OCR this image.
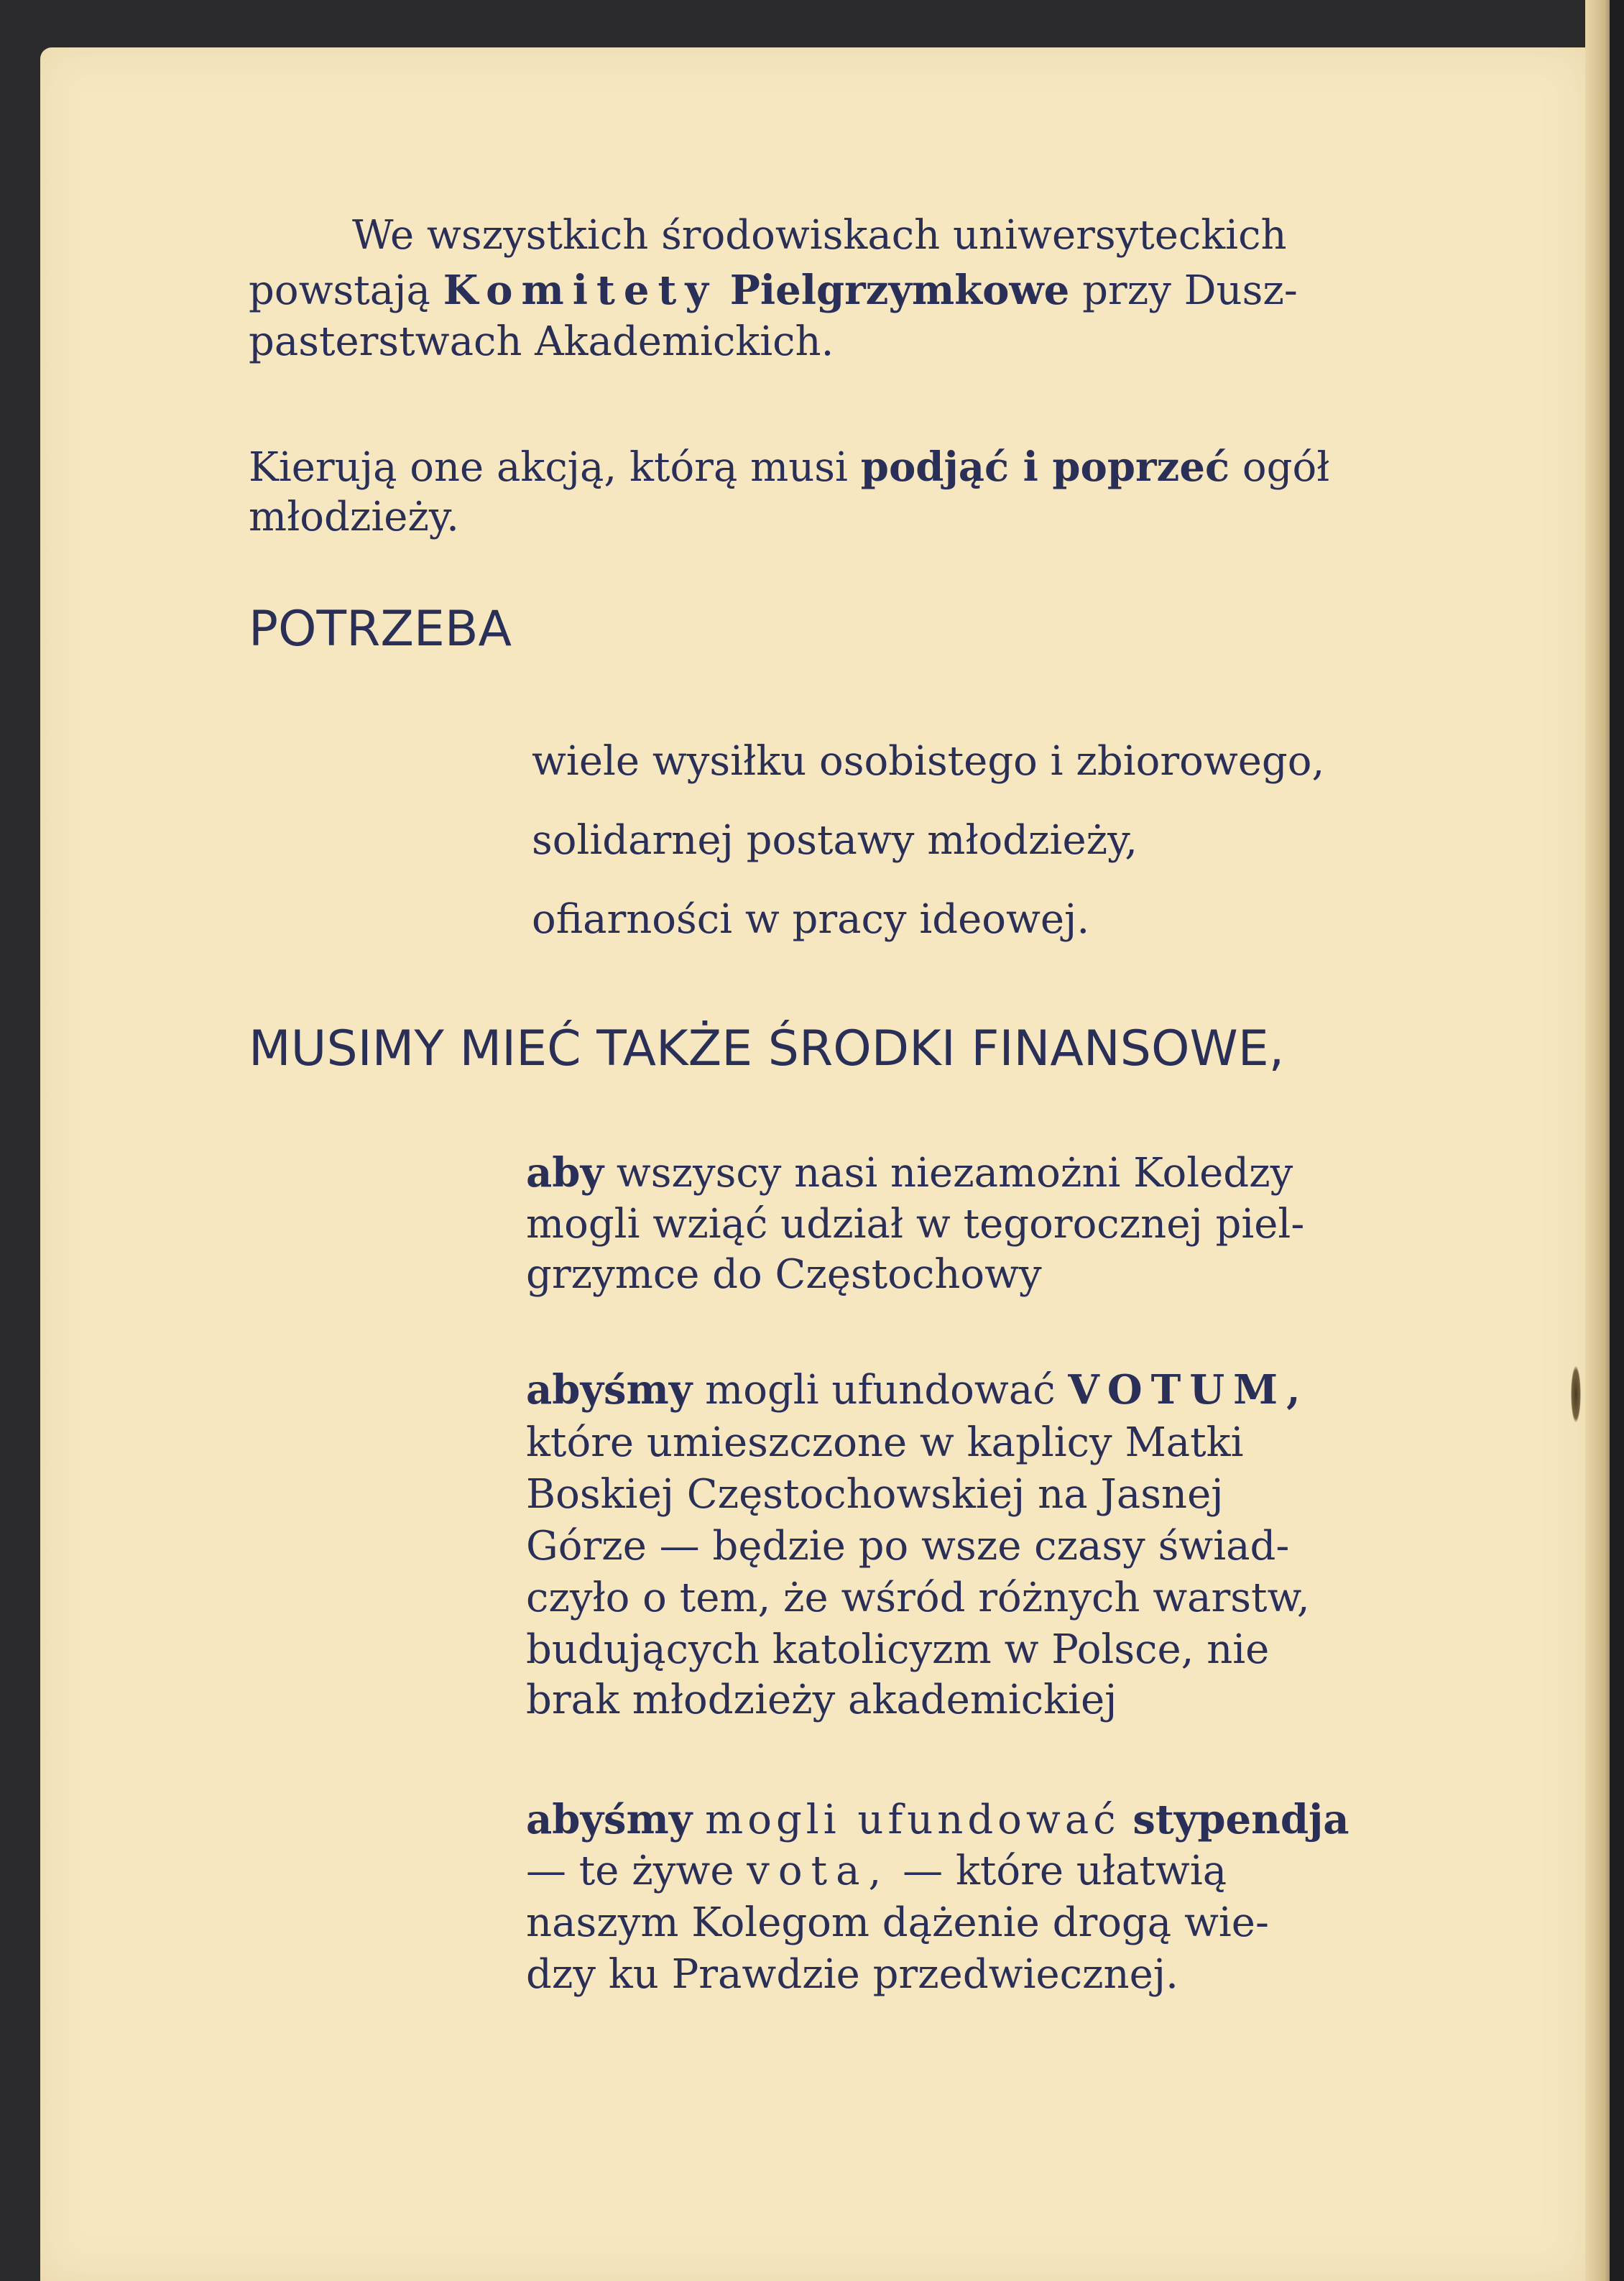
We wszystkich środowiskach uniwersyteckich
powstają Komitety Pielgrzymkowe przy Dusz-
pasterstwach Akademickich.
Kierują one akcją, którą musi podjąć i poprzeć ogół
młodzieży.
POTRZEBA
wiele wysiłku osobistego i zbiorowego,
solidarnej postawy młodzieży,
ofiarności w pracy ideowej.
MUSIMY MIEĆ TAKŻE ŚRODKI FINANSOWE,
aby wszyscy nasi niezamożni Koledzy
mogli wziąć udział w tegorocznej piel-
grzymce do Częstochowy
abyśmy mogli ufundować VOTUM,
które umieszczone w kaplicy Matki
Boskiej Częstochowskiej na Jasnej
Górze — będzie po wsze czasy świad-
czyło o tem, że wśród różnych warstw,
budujących katolicyzm w Polsce, nie
brak młodzieży akademickiej
abyśmy mogli ufundować stypendja
— te żywe vota, — które ułatwią
naszym Kolegom dążenie drogą wie-
dzy ku Prawdzie przedwiecznej.
